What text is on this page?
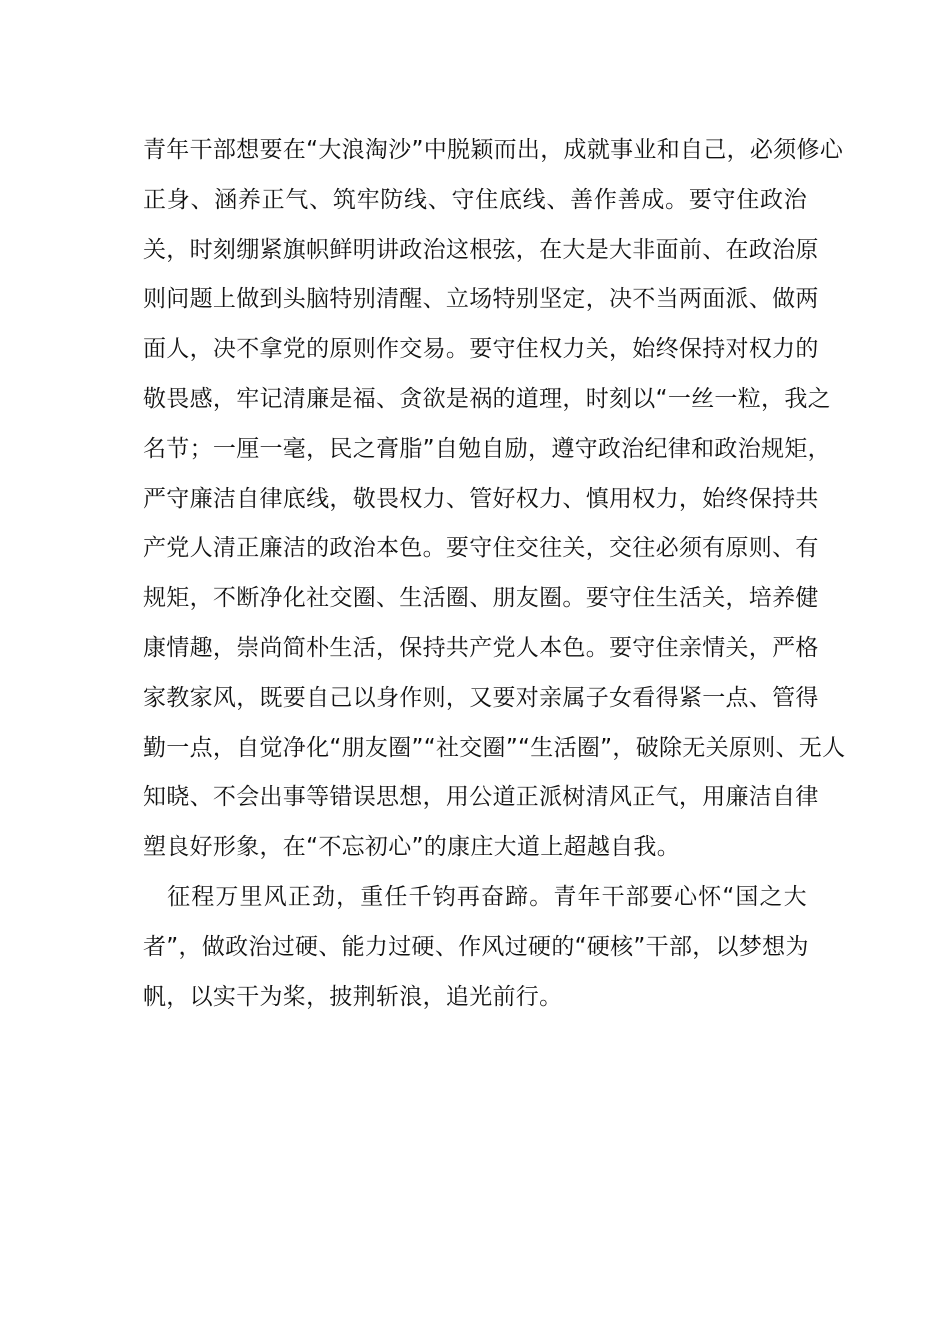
青年干部想要在“大浪淘沙”中脱颖而出，成就事业和自己，必须修心
正身、涵养正气、筑牢防线、守住底线、善作善成。要守住政治
关，时刻绷紧旗帜鲜明讲政治这根弦，在大是大非面前、在政治原
则问题上做到头脑特别清醒、立场特别坚定，决不当两面派、做两
面人，决不拿党的原则作交易。要守住权力关，始终保持对权力的
敬畏感，牢记清廉是福、贪欲是祸的道理，时刻以“一丝一粒，我之
名节；一厘一毫，民之膏脂”自勉自励，遵守政治纪律和政治规矩，
严守廉洁自律底线，敬畏权力、管好权力、慎用权力，始终保持共
产党人清正廉洁的政治本色。要守住交往关，交往必须有原则、有
规矩，不断净化社交圈、生活圈、朋友圈。要守住生活关，培养健
康情趣，崇尚简朴生活，保持共产党人本色。要守住亲情关，严格
家教家风，既要自己以身作则，又要对亲属子女看得紧一点、管得
勤一点，自觉净化“朋友圈”“社交圈”“生活圈”，破除无关原则、无人
知晓、不会出事等错误思想，用公道正派树清风正气，用廉洁自律
塑良好形象，在“不忘初心”的康庄大道上超越自我。
　征程万里风正劲，重任千钧再奋蹄。青年干部要心怀“国之大
者”，做政治过硬、能力过硬、作风过硬的“硬核”干部，以梦想为
帆，以实干为桨，披荆斩浪，追光前行。
